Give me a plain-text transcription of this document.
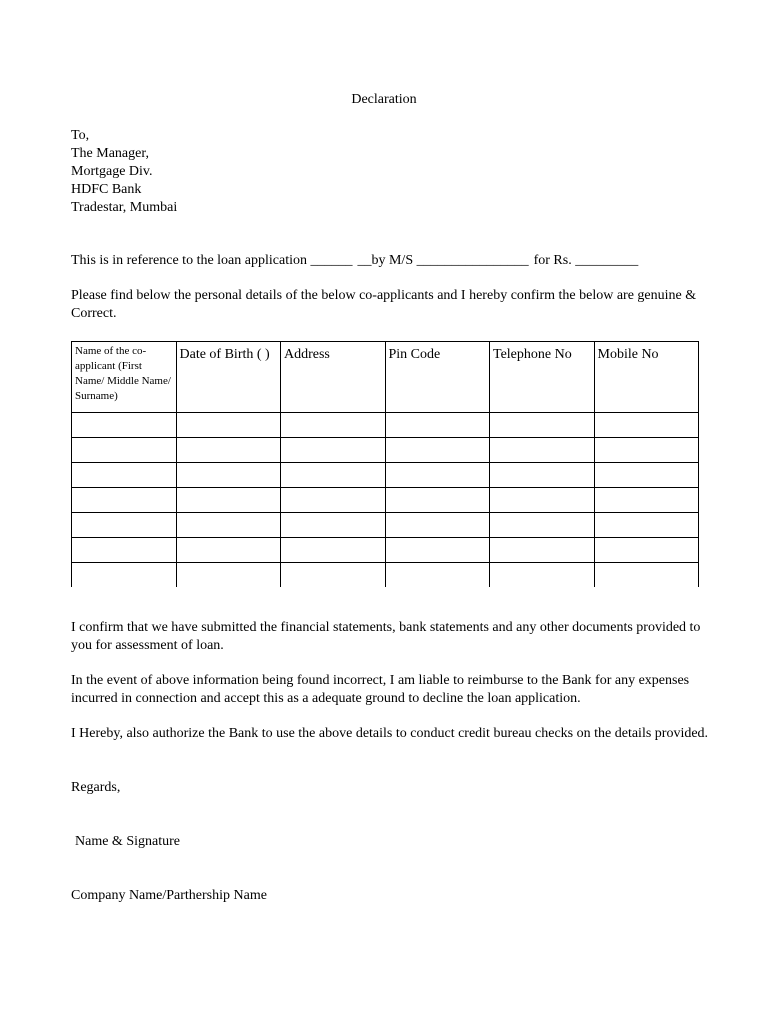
Declaration
To,
The Manager,
Mortgage Div.
HDFC Bank
Tradestar, Mumbai
This is in reference to the loan application ______ __by M/S ________________ for Rs. _________
Please find below the personal details of the below co-applicants and I hereby confirm the below are genuine & Correct.
Name of the co-applicant (First Name/ Middle Name/ Surname)	Date of Birth ( )	Address	Pin Code	Telephone No	Mobile No

I confirm that we have submitted the financial statements, bank statements and any other documents provided to you for assessment of loan.
In the event of above information being found incorrect, I am liable to reimburse to the Bank for any expenses incurred in connection and accept this as a adequate ground to decline the loan application.
I Hereby, also authorize the Bank to use the above details to conduct credit bureau checks on the details provided.
Regards,
Name & Signature
Company Name/Parthership Name
